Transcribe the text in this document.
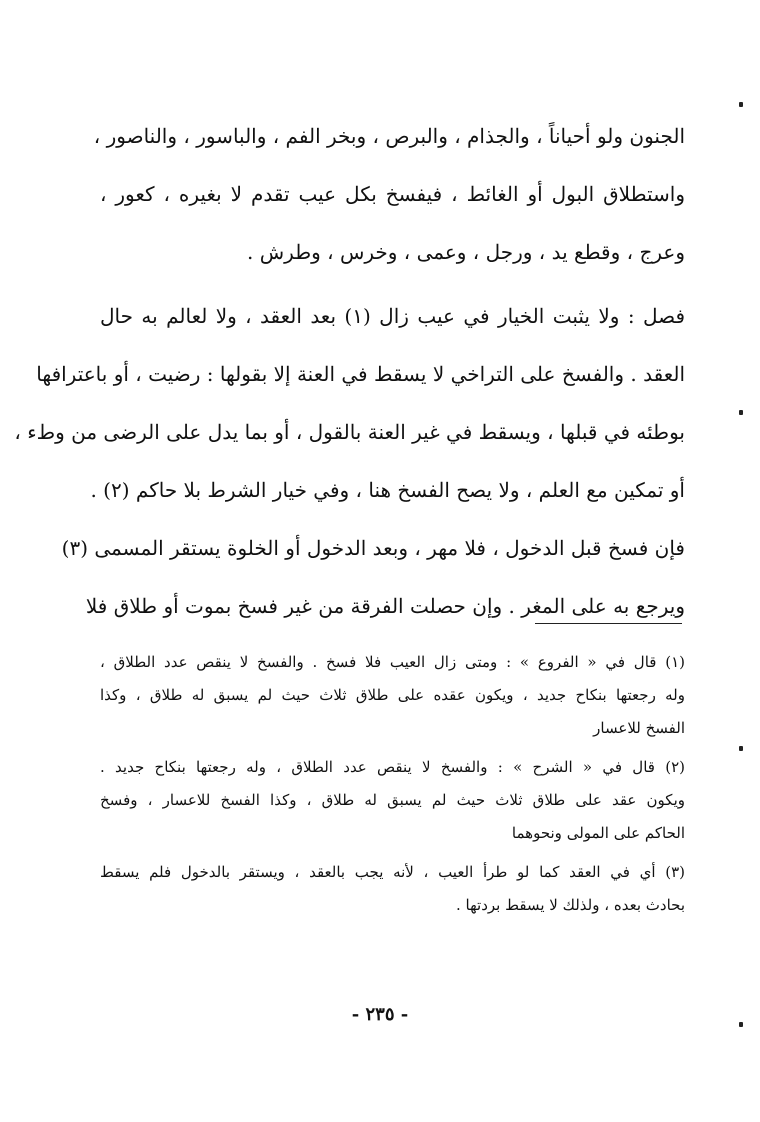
الجنون ولو أحياناً ، والجذام ، والبرص ، وبخر الفم ، والباسور ، والناصور ،
واستطلاق البول أو الغائط ، فيفسخ بكل عيب تقدم لا بغيره ، كعور ،
وعرج ، وقطع يد ، ورجل ، وعمى ، وخرس ، وطرش .
فصل : ولا يثبت الخيار في عيب زال (١) بعد العقد ، ولا لعالم به حال
العقد . والفسخ على التراخي لا يسقط في العنة إلا بقولها : رضيت ، أو باعترافها
بوطئه في قبلها ، ويسقط في غير العنة بالقول ، أو بما يدل على الرضى من وطء ،
أو تمكين مع العلم ، ولا يصح الفسخ هنا ، وفي خيار الشرط بلا حاكم (٢) .
فإن فسخ قبل الدخول ، فلا مهر ، وبعد الدخول أو الخلوة يستقر المسمى (٣)
ويرجع به على المغر . وإن حصلت الفرقة من غير فسخ بموت أو طلاق فلا
(١) قال في « الفروع » : ومتى زال العيب فلا فسخ . والفسخ لا ينقص عدد الطلاق ،
وله رجعتها بنكاح جديد ، ويكون عقده على طلاق ثلاث حيث لم يسبق له طلاق ، وكذا
الفسخ للاعسار
(٢) قال في « الشرح » : والفسخ لا ينقص عدد الطلاق ، وله رجعتها بنكاح جديد .
ويكون عقد على طلاق ثلاث حيث لم يسبق له طلاق ، وكذا الفسخ للاعسار ، وفسخ
الحاكم على المولى ونحوهما
(٣) أي في العقد كما لو طرأ العيب ، لأنه يجب بالعقد ، ويستقر بالدخول فلم يسقط
بحادث بعده ، ولذلك لا يسقط بردتها .
- ٢٣٥ -
